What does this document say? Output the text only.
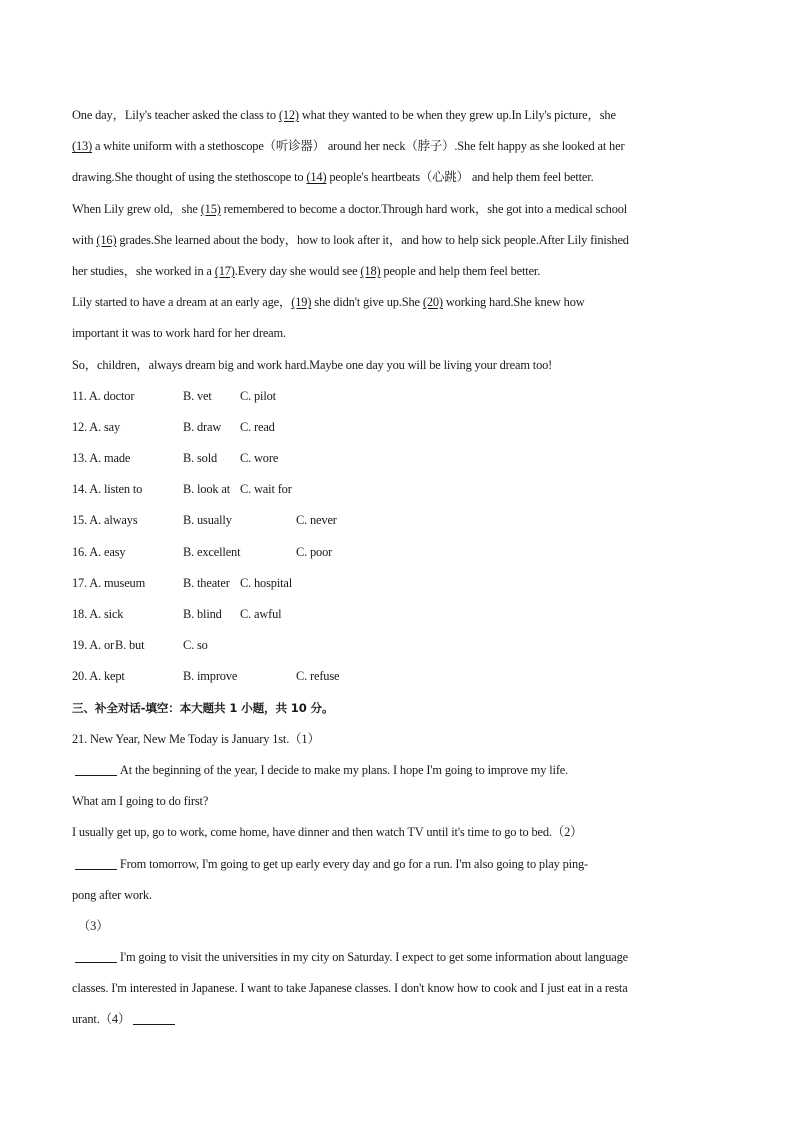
One day，Lily's teacher asked the class to (12) what they wanted to be when they grew up.In Lily's picture，she
(13) a white uniform with a stethoscope（听诊器） around her neck（脖子）.She felt happy as she looked at her
drawing.She thought of using the stethoscope to (14) people's heartbeats（心跳） and help them feel better.
When Lily grew old，she (15) remembered to become a doctor.Through hard work，she got into a medical school
with (16) grades.She learned about the body，how to look after it，and how to help sick people.After Lily finished
her studies，she worked in a (17).Every day she would see (18) people and help them feel better.
Lily started to have a dream at an early age，(19) she didn't give up.She (20) working hard.She knew how
important it was to work hard for her dream.
So，children，always dream big and work hard.Maybe one day you will be living your dream too!
11. A. doctor	B. vet C. pilot
12. A. say	B. draw C. read
13. A. made	B. sold C. wore
14. A. listen to	B. look at C. wait for
15. A. always	B. usually	C. never
16. A. easy	B. excellent	C. poor
17. A. museum	B. theater C. hospital
18. A. sick	B. blind C. awful
19. A. or B. but	C. so
20. A. kept	B. improve	C. refuse
三、补全对话-填空：本大题共 1 小题，共 10 分。
21. New Year, New Me Today is January 1st.（1）
At the beginning of the year, I decide to make my plans. I hope I'm going to improve my life.
What am I going to do first?
I usually get up, go to work, come home, have dinner and then watch TV until it's time to go to bed.（2）
From tomorrow, I'm going to get up early every day and go for a run. I'm also going to play ping-
pong after work.
（3）
I'm going to visit the universities in my city on Saturday. I expect to get some information about language
classes. I'm interested in Japanese. I want to take Japanese classes. I don't know how to cook and I just eat in a resta
urant.（4）
